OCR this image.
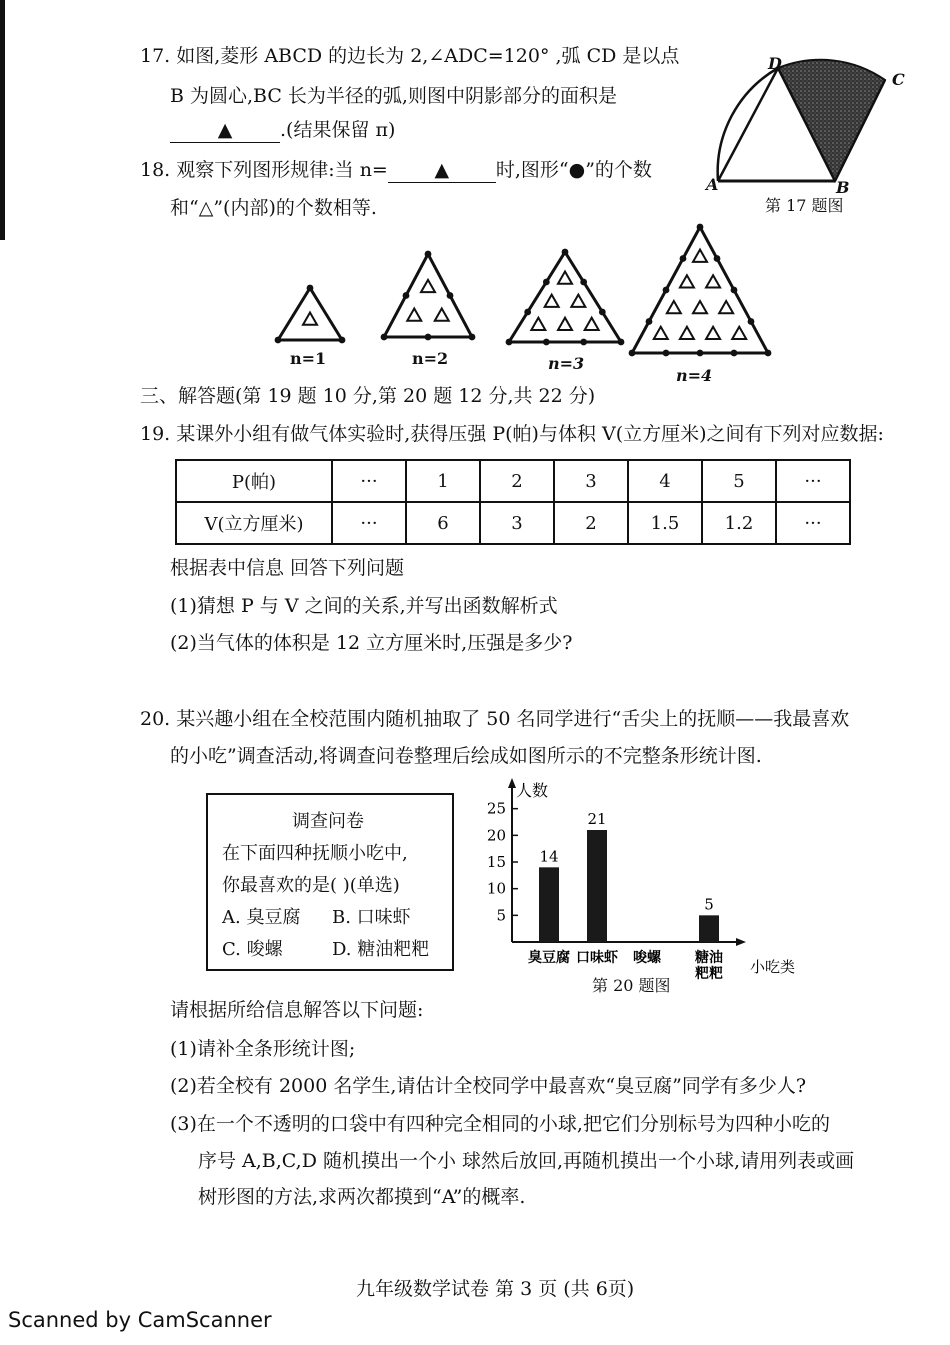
17. 如图,菱形 ABCD 的边长为 2,∠ADC=120° ,弧 CD 是以点
B 为圆心,BC 长为半径的弧,则图中阴影部分的面积是
▲	.(结果保留 π)
A	B
C
D
第 17 题图
18. 观察下列图形规律:当 n= ▲ 时,图形“●”的个数
和“△”(内部)的个数相等.
n=1	n=2	n=3
n=4
三、解答题(第 19 题 10 分,第 20 题 12 分,共 22 分)
19. 某课外小组有做气体实验时,获得压强 P(帕)与体积 V(立方厘米)之间有下列对应数据:
P(帕)	···	1	2	3	4	5	···
V(立方厘米)	···	6	3	2	1.5	1.2	···
根据表中信息 回答下列问题
(1)猜想 P 与 V 之间的关系,并写出函数解析式
(2)当气体的体积是 12 立方厘米时,压强是多少?
20. 某兴趣小组在全校范围内随机抽取了 50 名同学进行“舌尖上的抚顺——我最喜欢
的小吃”调查活动,将调查问卷整理后绘成如图所示的不完整条形统计图.
调查问卷
在下面四种抚顺小吃中,
你最喜欢的是( )(单选)
A. 臭豆腐 B. 口味虾
C. 唆螺	D. 糖油粑粑
人数
小吃类
5
10
15
20
25
臭豆腐
14
口味虾
21
唆螺 糖油
粑粑
5
第 20 题图
请根据所给信息解答以下问题:
(1)请补全条形统计图;
(2)若全校有 2000 名学生,请估计全校同学中最喜欢“臭豆腐”同学有多少人?
(3)在一个不透明的口袋中有四种完全相同的小球,把它们分别标号为四种小吃的
序号 A,B,C,D 随机摸出一个小 球然后放回,再随机摸出一个小球,请用列表或画
树形图的方法,求两次都摸到“A”的概率.
九年级数学试卷 第 3 页 (共 6页)
Scanned by CamScanner
